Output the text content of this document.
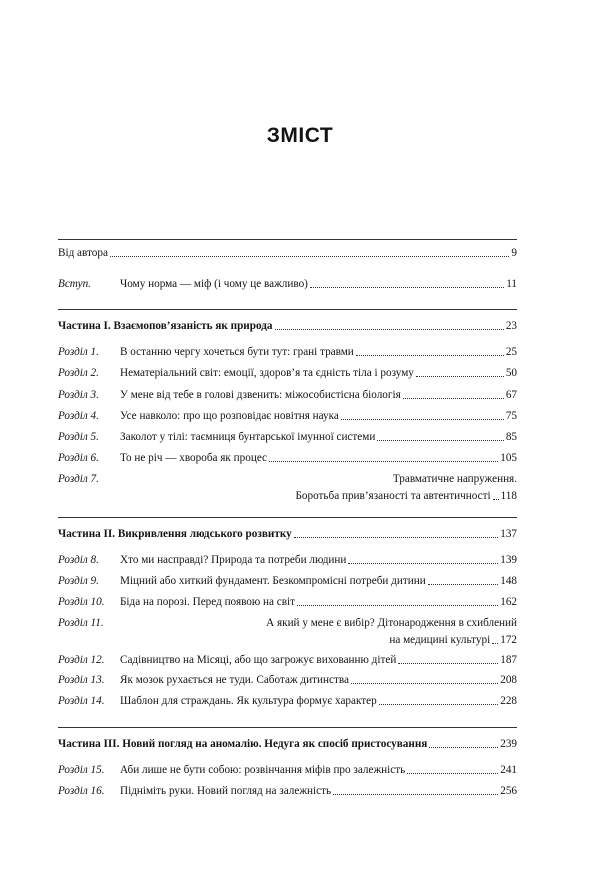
ЗМІСТ
Від автора	9
Вступ.	Чому норма — міф (і чому це важливо)	11
Частина І. Взаємопов’язаність як природа	23
Розділ 1.	В останню чергу хочеться бути тут: грані травми	25
Розділ 2.	Нематеріальний світ: емоції, здоров’я та єдність тіла і розуму	50
Розділ 3.	У мене від тебе в голові дзвенить: міжособистісна біологія	67
Розділ 4.	Усе навколо: про що розповідає новітня наука	75
Розділ 5.	Заколот у тілі: таємниця бунтарської імунної системи	85
Розділ 6.	То не річ — хвороба як процес	105
Розділ 7.	Травматичне напруження.
Боротьба прив’язаності та автентичності 118
Частина ІІ. Викривлення людського розвитку	137
Розділ 8.	Хто ми насправді? Природа та потреби людини	139
Розділ 9.	Міцний або хиткий фундамент. Безкомпромісні потреби дитини	148
Розділ 10.	Біда на порозі. Перед появою на світ	162
Розділ 11.	А який у мене є вибір? Дітонародження в схиблений
на медицині культурі 172
Розділ 12.	Садівництво на Місяці, або що загрожує вихованню дітей	187
Розділ 13.	Як мозок рухається не туди. Саботаж дитинства	208
Розділ 14.	Шаблон для страждань. Як культура формує характер	228
Частина ІІІ. Новий погляд на аномалію. Недуга як спосіб пристосування	239
Розділ 15.	Аби лише не бути собою: розвінчання міфів про залежність	241
Розділ 16.	Підніміть руки. Новий погляд на залежність	256
